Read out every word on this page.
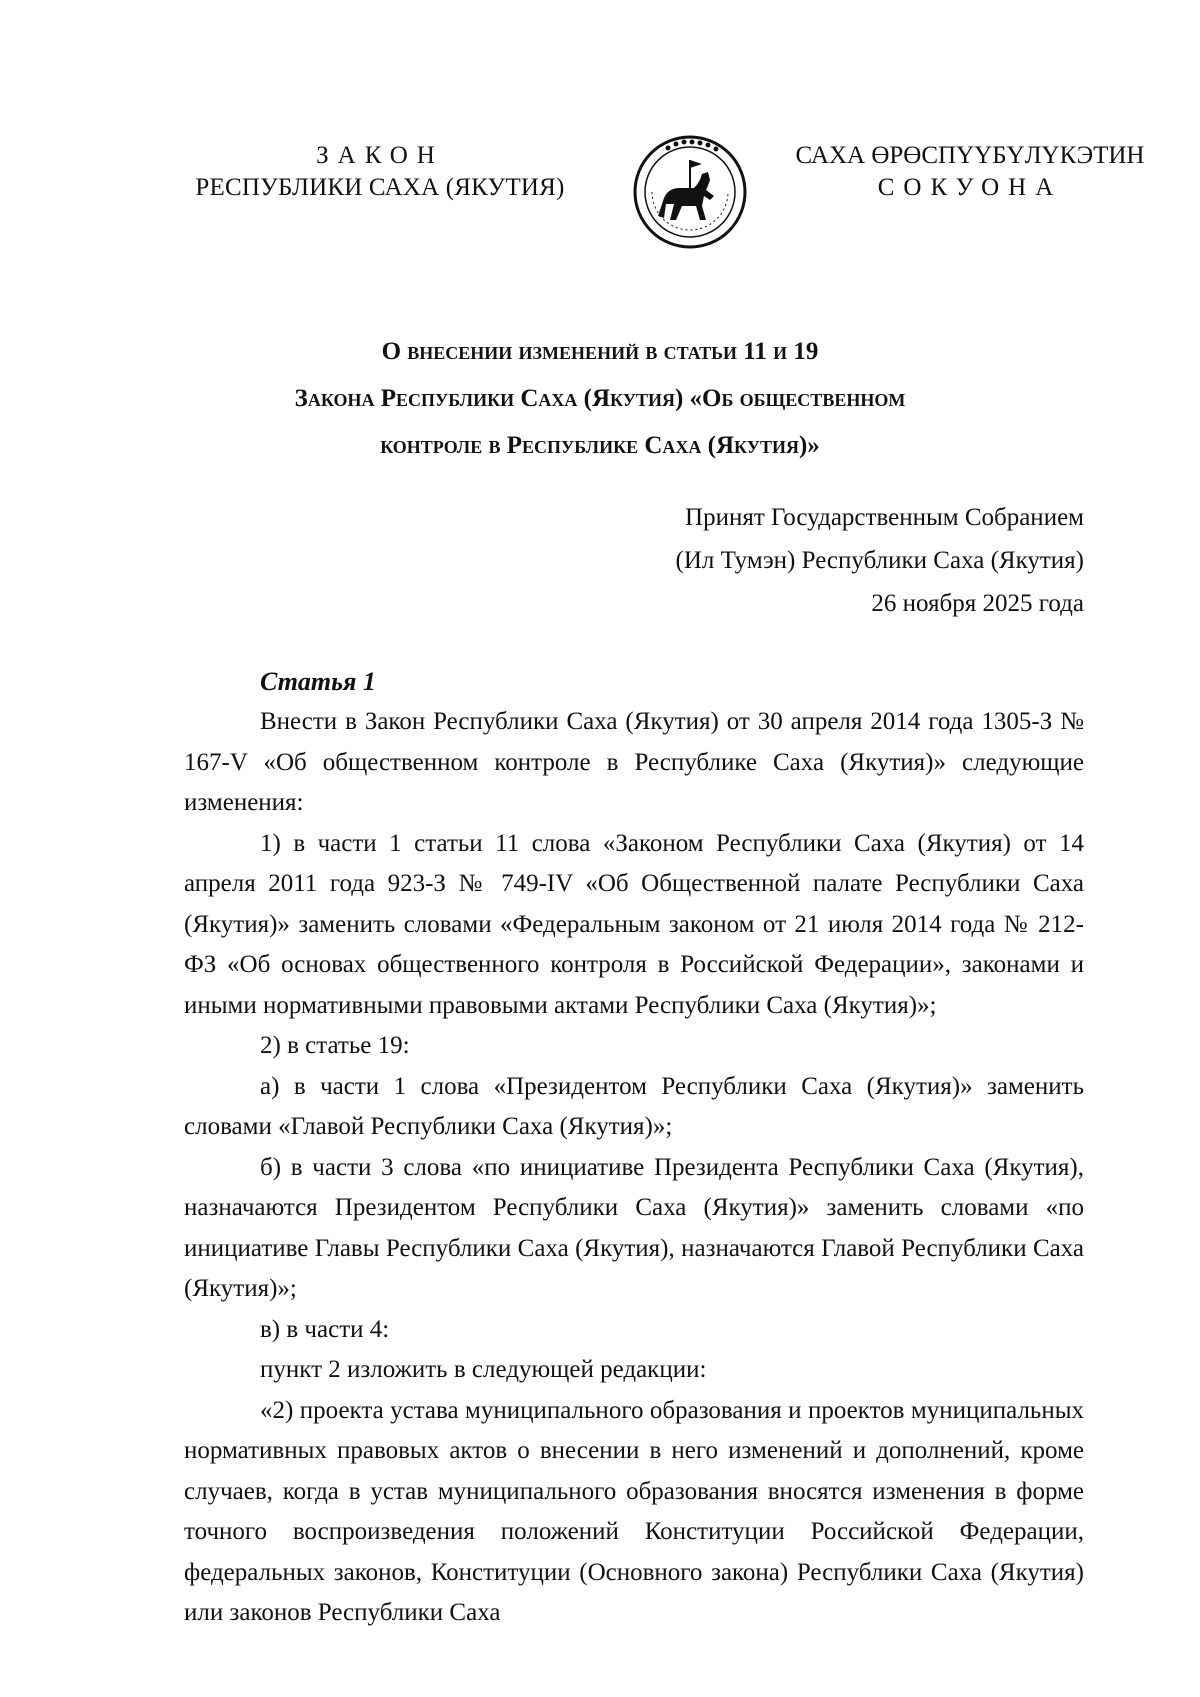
ЗАКОН
РЕСПУБЛИКИ САХА (ЯКУТИЯ)
САХА ӨРӨСПҮҮБҮЛҮКЭТИН
СОКУОНА
О внесении изменений в статьи 11 и 19
Закона Республики Саха (Якутия) «Об общественном
контроле в Республике Саха (Якутия)»
Принят Государственным Собранием
(Ил Тумэн) Республики Саха (Якутия)
26 ноября 2025 года
Статья 1

Внести в Закон Республики Саха (Якутия) от 30 апреля 2014 года 1305-З № 167-V «Об общественном контроле в Республике Саха (Якутия)» следующие изменения:

1) в части 1 статьи 11 слова «Законом Республики Саха (Якутия) от 14 апреля 2011 года 923-З № 749-IV «Об Общественной палате Республики Саха (Якутия)» заменить словами «Федеральным законом от 21 июля 2014 года № 212-ФЗ «Об основах общественного контроля в Российской Федерации», законами и иными нормативными правовыми актами Республики Саха (Якутия)»;

2) в статье 19:

а) в части 1 слова «Президентом Республики Саха (Якутия)» заменить словами «Главой Республики Саха (Якутия)»;

б) в части 3 слова «по инициативе Президента Республики Саха (Якутия), назначаются Президентом Республики Саха (Якутия)» заменить словами «по инициативе Главы Республики Саха (Якутия), назначаются Главой Республики Саха (Якутия)»;

в) в части 4:

пункт 2 изложить в следующей редакции:

«2) проекта устава муниципального образования и проектов муниципальных нормативных правовых актов о внесении в него изменений и дополнений, кроме случаев, когда в устав муниципального образования вносятся изменения в форме точного воспроизведения положений Конституции Российской Федерации, федеральных законов, Конституции (Основного закона) Республики Саха (Якутия) или законов Республики Саха
